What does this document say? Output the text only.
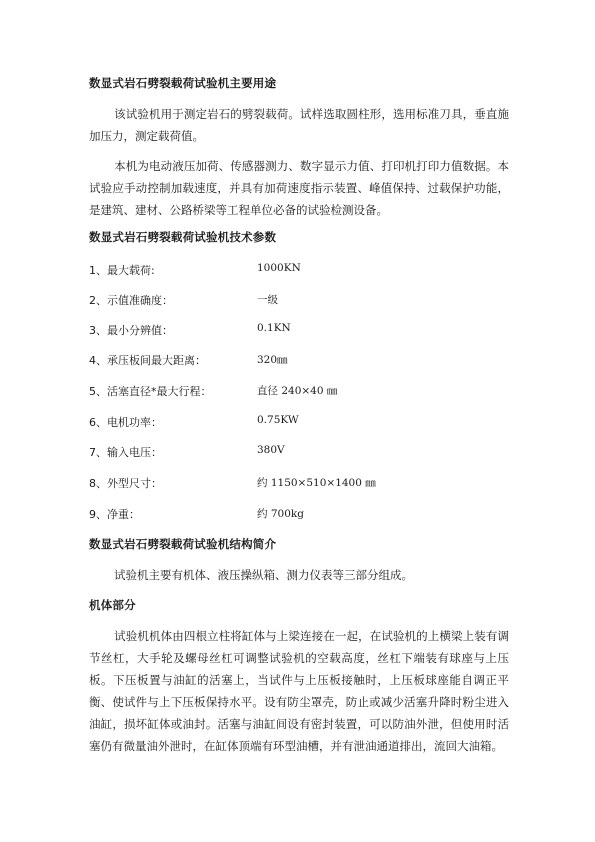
数显式岩石劈裂载荷试验机主要用途
该试验机用于测定岩石的劈裂载荷。试样选取圆柱形，选用标准刀具，垂直施加压力，测定载荷值。
本机为电动液压加荷、传感器测力、数字显示力值、打印机打印力值数据。本试验应手动控制加载速度，并具有加荷速度指示装置、峰值保持、过载保护功能，是建筑、建材、公路桥梁等工程单位必备的试验检测设备。
数显式岩石劈裂载荷试验机技术参数
1、最大载荷:	1000KN
2、示值准确度：	一级
3、最小分辨值：	0.1KN
4、承压板间最大距离：	320㎜
5、活塞直径*最大行程：	直径 240×40 ㎜
6、电机功率：	0.75KW
7、输入电压：	380V
8、外型尺寸：	约 1150×510×1400 ㎜
9、净重：	约 700kg
数显式岩石劈裂载荷试验机结构简介
试验机主要有机体、液压操纵箱、测力仪表等三部分组成。
机体部分
试验机机体由四根立柱将缸体与上梁连接在一起，在试验机的上横梁上装有调节丝杠，大手轮及螺母丝杠可调整试验机的空载高度，丝杠下端装有球座与上压板。下压板置与油缸的活塞上，当试件与上压板接触时，上压板球座能自调正平衡、使试件与上下压板保持水平。设有防尘罩壳，防止或减少活塞升降时粉尘进入油缸，损坏缸体或油封。活塞与油缸间设有密封装置，可以防油外泄，但使用时活塞仍有微量油外泄时，在缸体顶端有环型油槽，并有泄油通道排出，流回大油箱。
